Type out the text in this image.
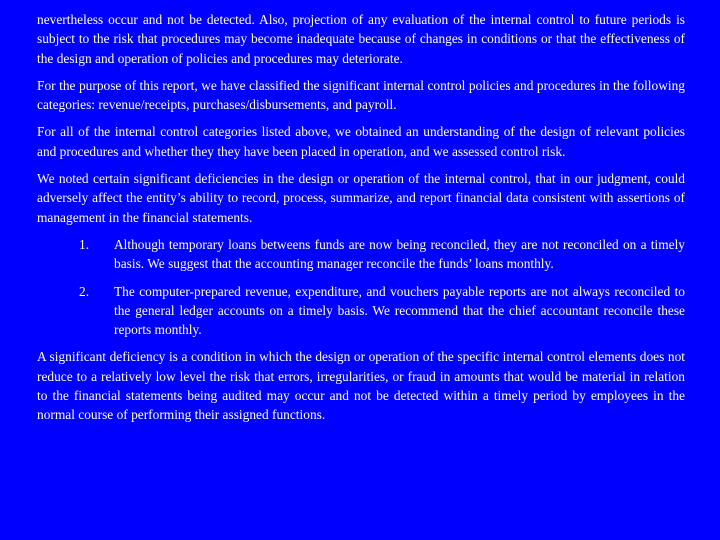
nevertheless occur and not be detected. Also, projection of any evaluation of the internal control to future periods is subject to the risk that procedures may become inadequate because of changes in conditions or that the effectiveness of the design and operation of policies and procedures may deteriorate.

For the purpose of this report, we have classified the significant internal control policies and procedures in the following categories: revenue/receipts, purchases/disbursements, and payroll.

For all of the internal control categories listed above, we obtained an understanding of the design of relevant policies and procedures and whether they they have been placed in operation, and we assessed control risk.

We noted certain significant deficiencies in the design or operation of the internal control, that in our judgment, could adversely affect the entity’s ability to record, process, summarize, and report financial data consistent with assertions of management in the financial statements.

1.	Although temporary loans betweens funds are now being reconciled, they are not reconciled on a timely basis. We suggest that the accounting manager reconcile the funds’ loans monthly.
2.	The computer-prepared revenue, expenditure, and vouchers payable reports are not always reconciled to the general ledger accounts on a timely basis. We recommend that the chief accountant reconcile these reports monthly.

A significant deficiency is a condition in which the design or operation of the specific internal control elements does not reduce to a relatively low level the risk that errors, irregularities, or fraud in amounts that would be material in relation to the financial statements being audited may occur and not be detected within a timely period by employees in the normal course of performing their assigned functions.
